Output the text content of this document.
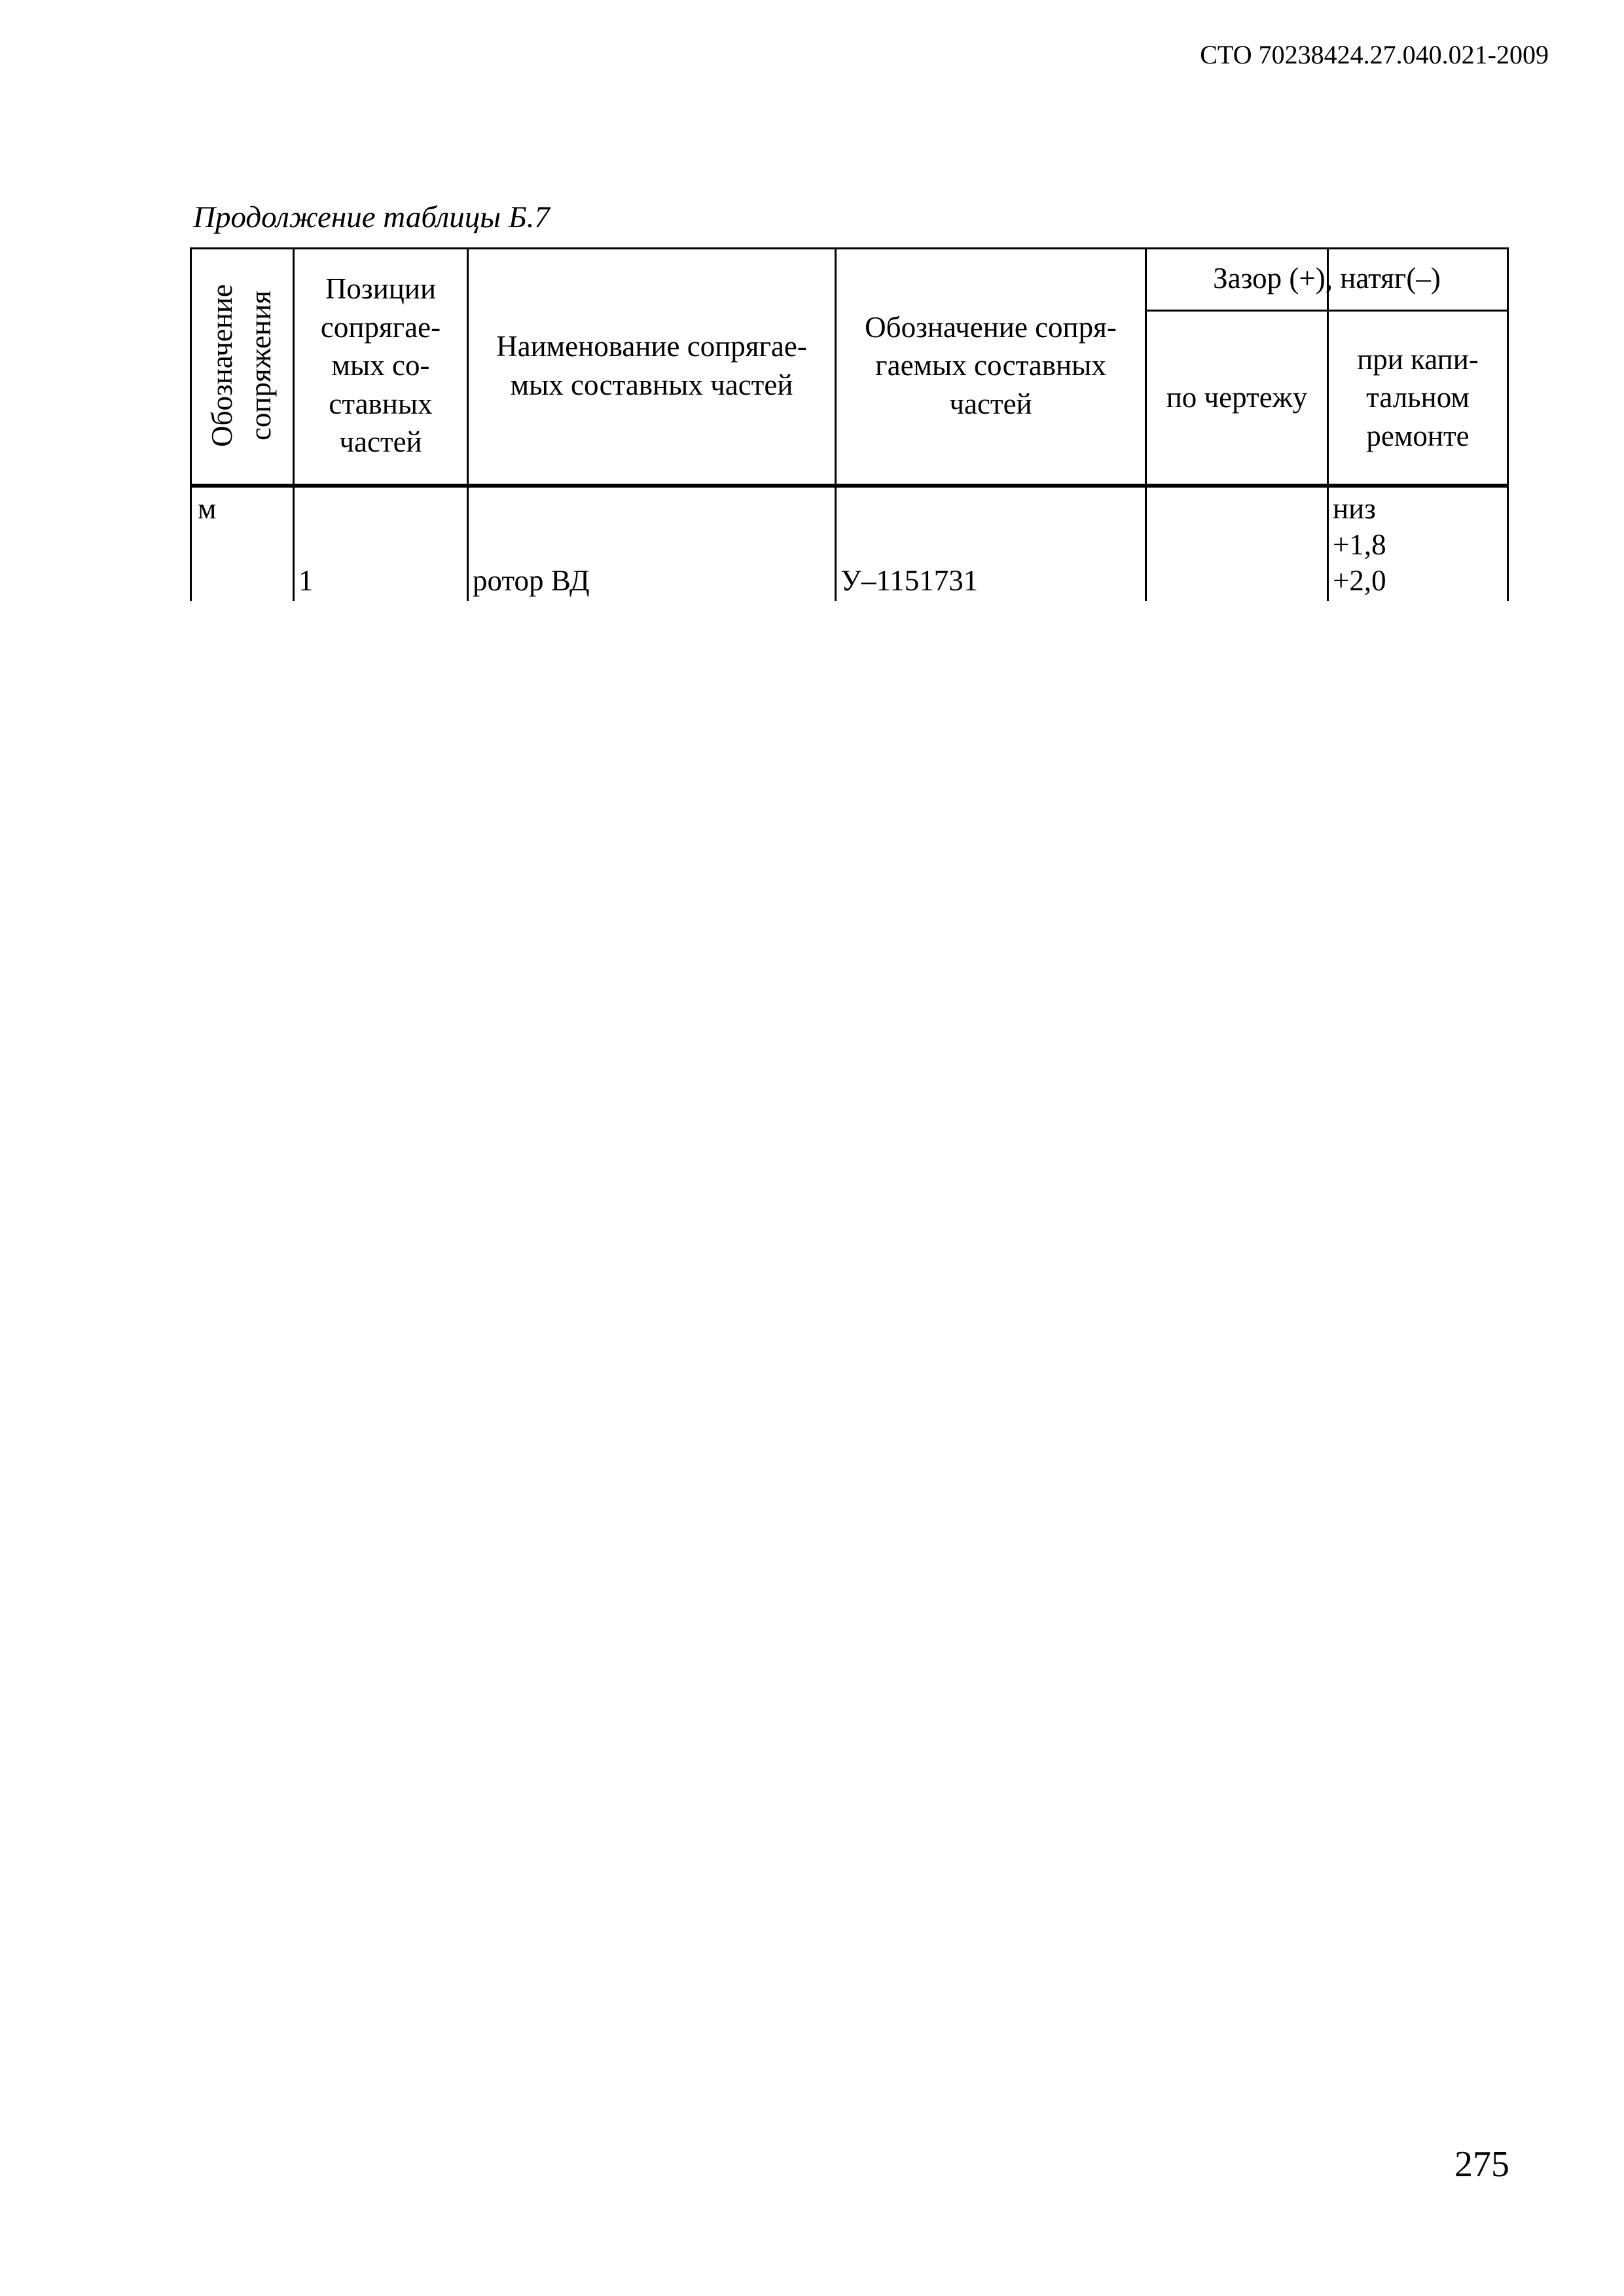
СТО 70238424.27.040.021-2009
Продолжение таблицы Б.7
Обозначение сопряжения
Позиции
сопрягае-
мых со-
ставных
частей
Наименование сопрягае-
мых составных частей
Обозначение сопря-
гаемых составных
частей
Зазор (+), натяг(–)
по чертежу
при капи-
тальном
ремонте
м
1	ротор ВД	У–1151731
низ
+1,8
+2,0
275
